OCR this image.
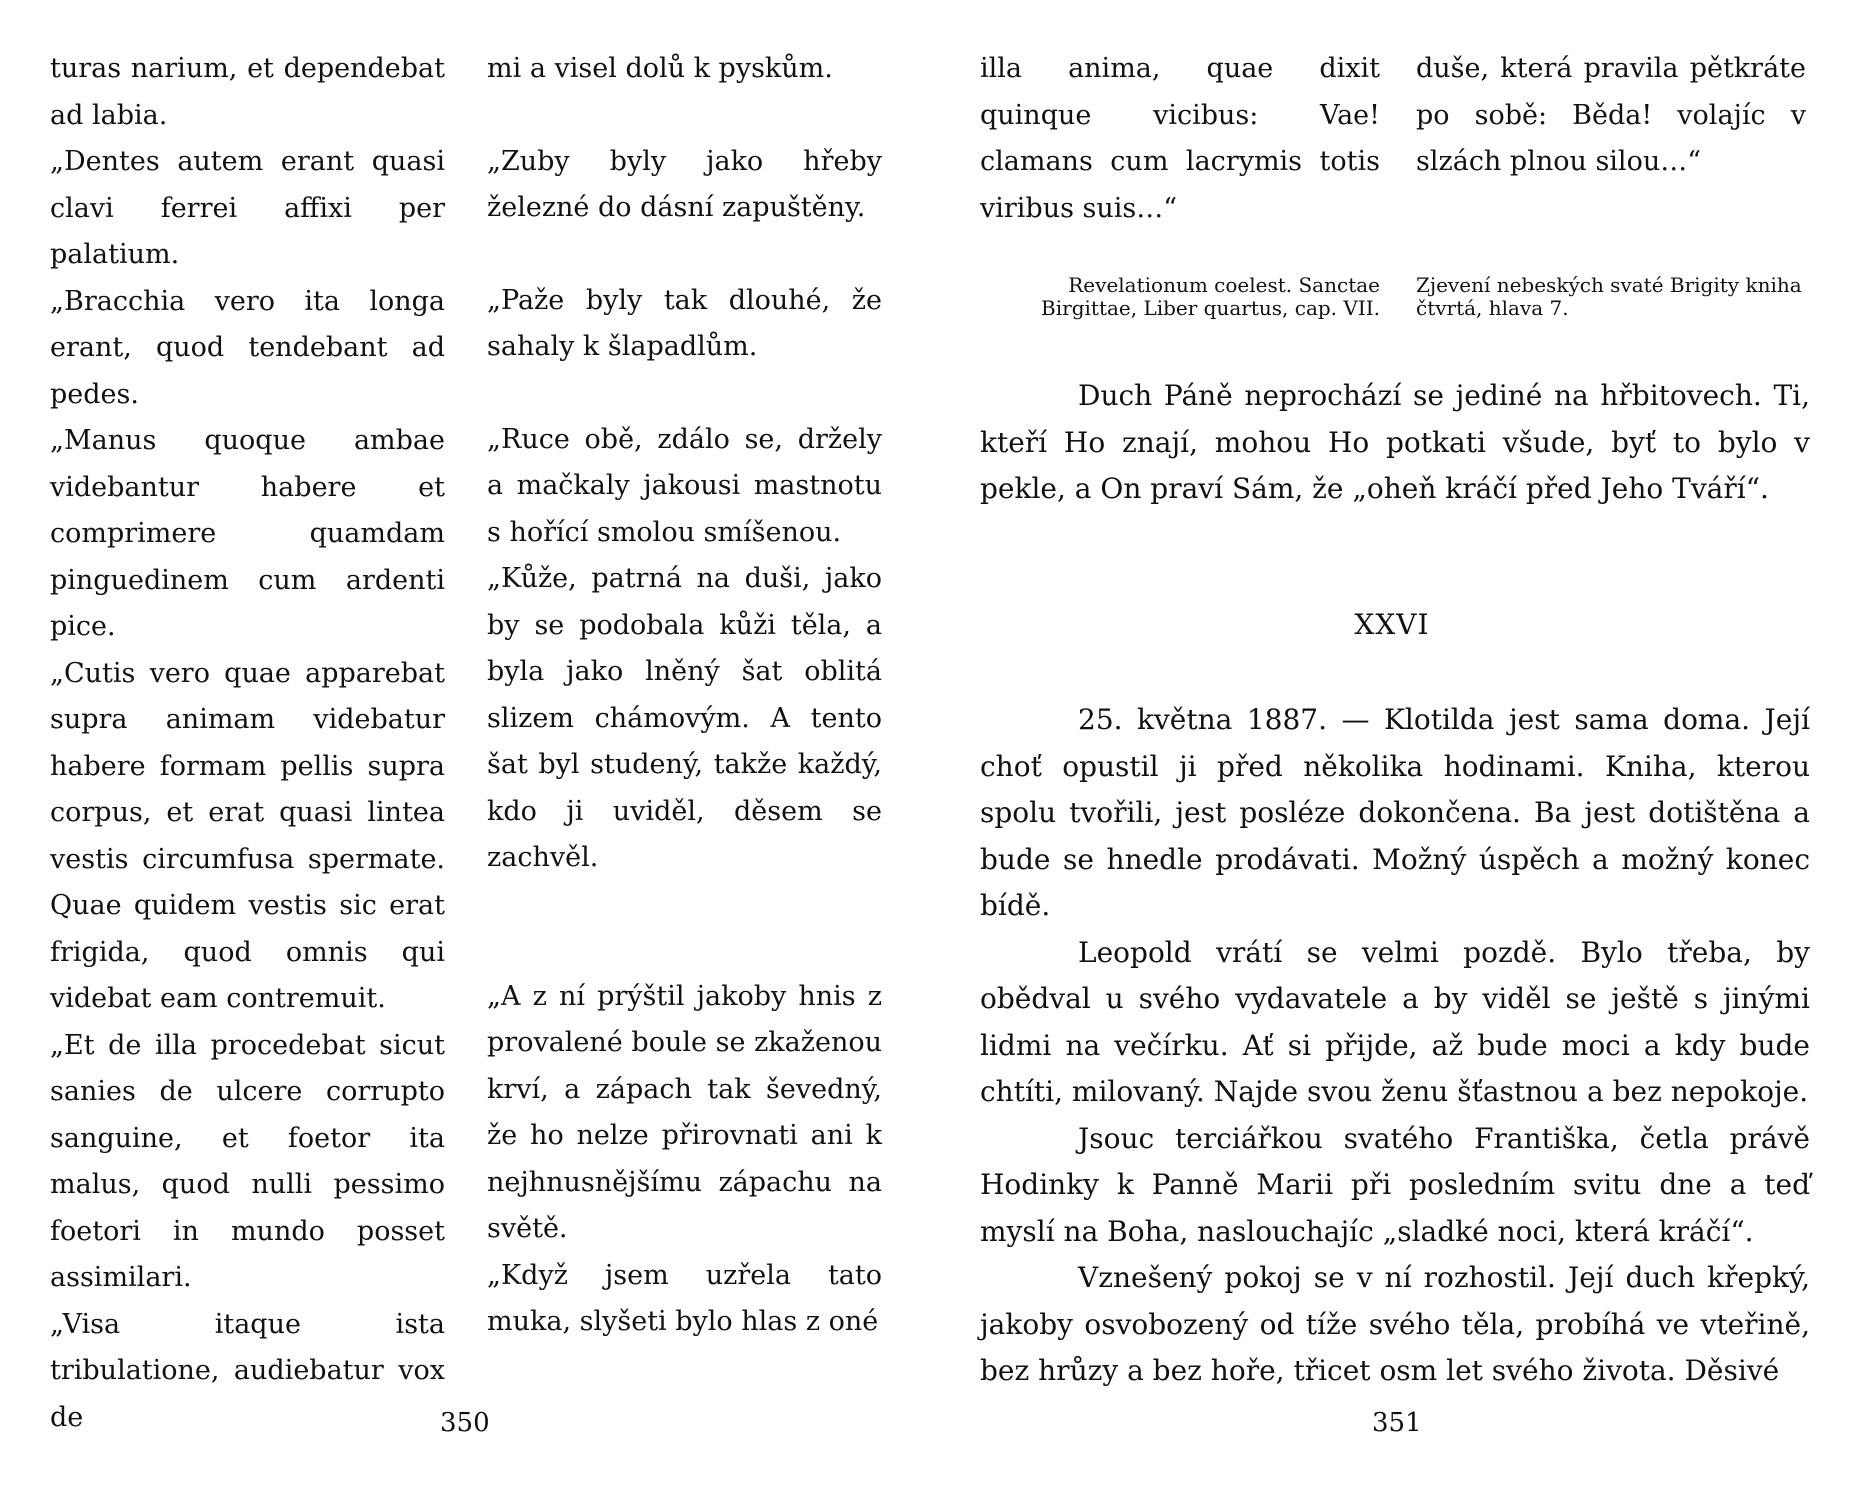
turas narium, et dependebat ad labia.

„Dentes autem erant quasi clavi ferrei affixi per palatium.

„Bracchia vero ita longa erant, quod tendebant ad pedes.

„Manus quoque ambae videbantur habere et comprimere quamdam pinguedinem cum ardenti pice.

„Cutis vero quae apparebat supra animam videbatur habere formam pellis supra corpus, et erat quasi lintea vestis circumfusa spermate. Quae quidem vestis sic erat frigida, quod omnis qui videbat eam contremuit.

„Et de illa procedebat sicut sanies de ulcere corrupto sanguine, et foetor ita malus, quod nulli pessimo foetori in mundo posset assimilari.

„Visa itaque ista tribulatione, audiebatur vox de

mi a visel dolů k pyskům.

„Zuby byly jako hřeby železné do dásní zapuštěny.

„Paže byly tak dlouhé, že sahaly k šlapadlům.

„Ruce obě, zdálo se, držely a mačkaly jakousi mastnotu s hořící smolou smíšenou.

„Kůže, patrná na duši, jako by se podobala kůži těla, a byla jako lněný šat oblitá slizem chámovým. A tento šat byl studený, takže každý, kdo ji uviděl, děsem se zachvěl.

„A z ní prýštil jakoby hnis z provalené boule se zkaženou krví, a zápach tak ševedný, že ho nelze přirovnati ani k nejhnusnějšímu zápachu na světě.

„Když jsem uzřela tato muka, slyšeti bylo hlas z oné

350

illa anima, quae dixit quinque vicibus: Vae! clamans cum lacrymis totis viribus suis…“

duše, která pravila pětkráte po sobě: Běda! volajíc v slzách plnou silou…“

Revelationum coelest. Sanctae Birgittae, Liber quartus, cap. VII.
Zjevení nebeských svaté Brigity kniha čtvrtá, hlava 7.

Duch Páně neprochází se jediné na hřbitovech. Ti, kteří Ho znají, mohou Ho potkati všude, byť to bylo v pekle, a On praví Sám, že „oheň kráčí před Jeho Tváří“.

XXVI

25. května 1887. — Klotilda jest sama doma. Její choť opustil ji před několika hodinami. Kniha, kterou spolu tvořili, jest posléze dokončena. Ba jest dotištěna a bude se hnedle prodávati. Možný úspěch a možný konec bídě.

Leopold vrátí se velmi pozdě. Bylo třeba, by obědval u svého vydavatele a by viděl se ještě s jinými lidmi na večírku. Ať si přijde, až bude moci a kdy bude chtíti, milovaný. Najde svou ženu šťastnou a bez nepokoje.

Jsouc terciářkou svatého Františka, četla právě Hodinky k Panně Marii při posledním svitu dne a teď myslí na Boha, naslouchajíc „sladké noci, která kráčí“.

Vznešený pokoj se v ní rozhostil. Její duch křepký, jakoby osvobozený od tíže svého těla, probíhá ve vteřině, bez hrůzy a bez hoře, třicet osm let svého života. Děsivé

351
